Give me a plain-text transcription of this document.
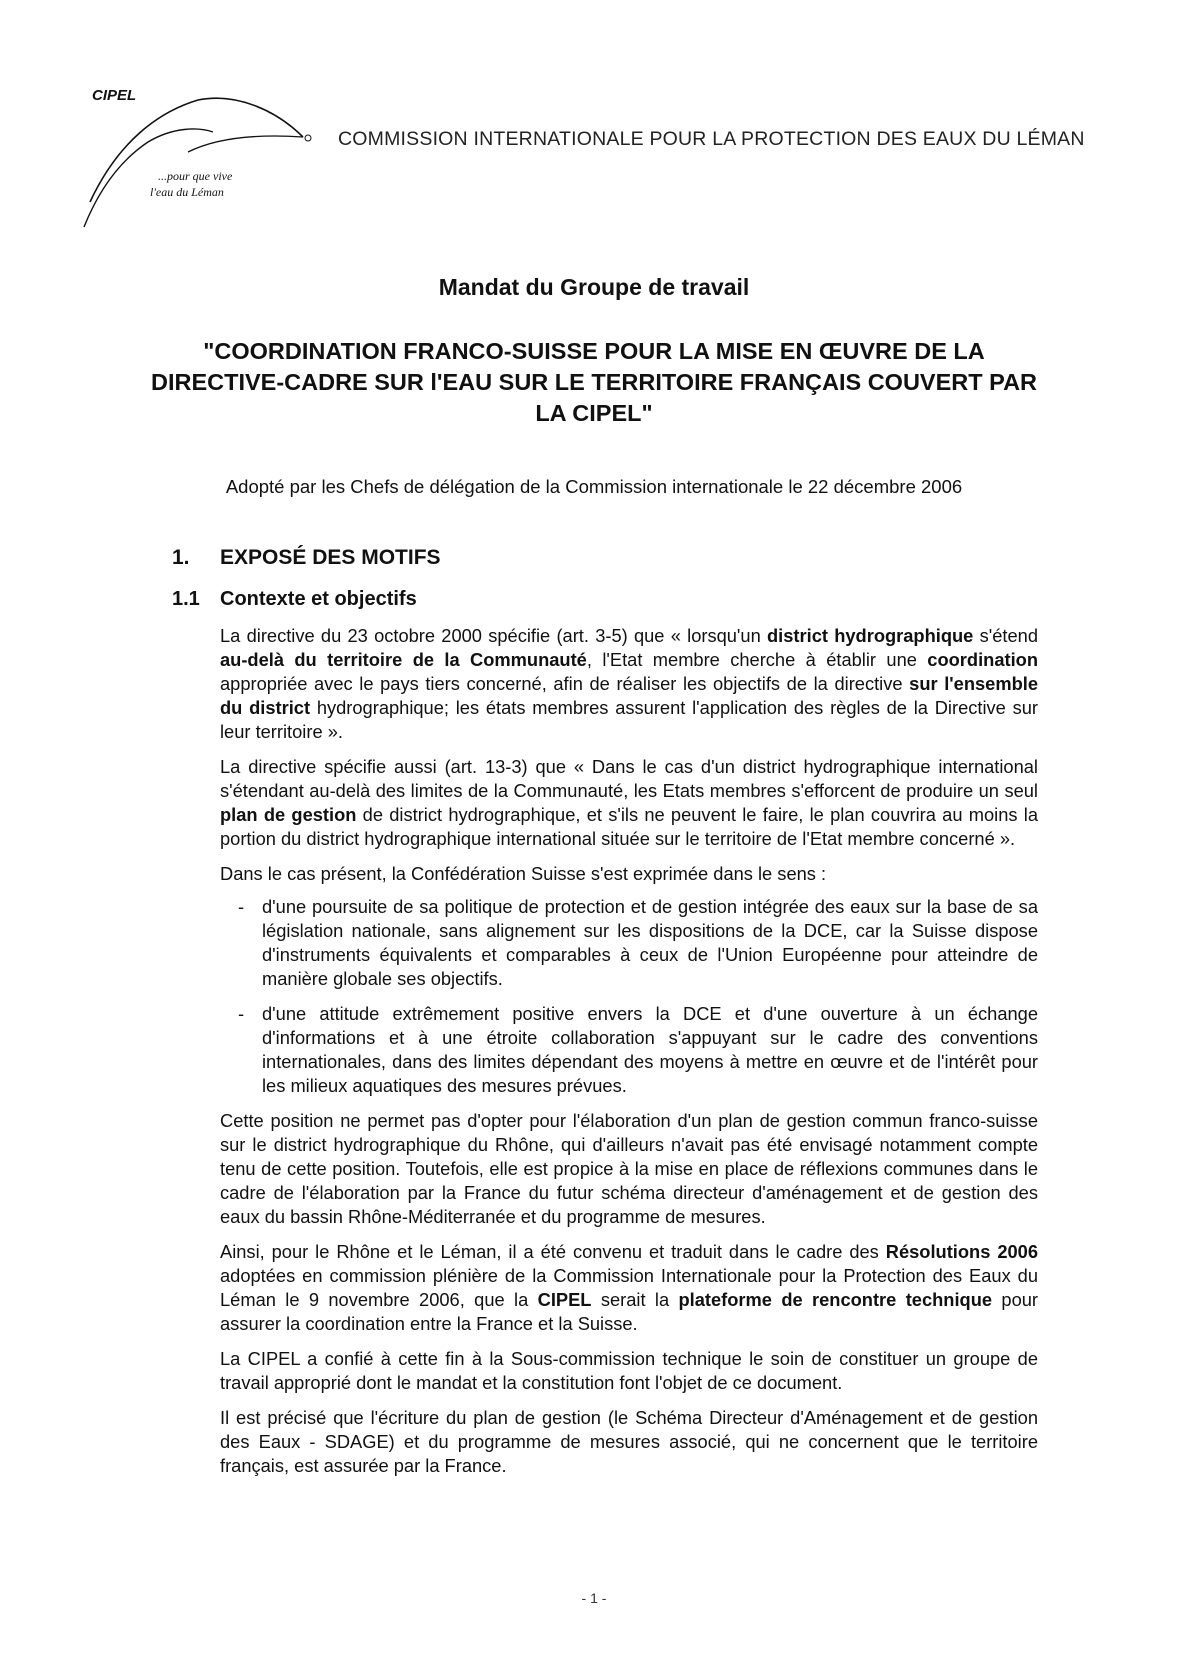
CIPEL
...pour que vive
l'eau du Léman
COMMISSION INTERNATIONALE POUR LA PROTECTION DES EAUX DU LÉMAN
Mandat du Groupe de travail
"COORDINATION FRANCO-SUISSE POUR LA MISE EN ŒUVRE DE LA DIRECTIVE-CADRE SUR l'EAU SUR LE TERRITOIRE FRANÇAIS COUVERT PAR LA CIPEL"
Adopté par les Chefs de délégation de la Commission internationale le 22 décembre 2006
1. EXPOSÉ DES MOTIFS
1.1 Contexte et objectifs

La directive du 23 octobre 2000 spécifie (art. 3-5) que « lorsqu'un district hydrographique s'étend au-delà du territoire de la Communauté, l'Etat membre cherche à établir une coordination appropriée avec le pays tiers concerné, afin de réaliser les objectifs de la directive sur l'ensemble du district hydrographique; les états membres assurent l'application des règles de la Directive sur leur territoire ».

La directive spécifie aussi (art. 13-3) que « Dans le cas d'un district hydrographique international s'étendant au-delà des limites de la Communauté, les Etats membres s'efforcent de produire un seul plan de gestion de district hydrographique, et s'ils ne peuvent le faire, le plan couvrira au moins la portion du district hydrographique international située sur le territoire de l'Etat membre concerné ».

Dans le cas présent, la Confédération Suisse s'est exprimée dans le sens :

- d'une poursuite de sa politique de protection et de gestion intégrée des eaux sur la base de sa législation nationale, sans alignement sur les dispositions de la DCE, car la Suisse dispose d'instruments équivalents et comparables à ceux de l'Union Européenne pour atteindre de manière globale ses objectifs.
- d'une attitude extrêmement positive envers la DCE et d'une ouverture à un échange d'informations et à une étroite collaboration s'appuyant sur le cadre des conventions internationales, dans des limites dépendant des moyens à mettre en œuvre et de l'intérêt pour les milieux aquatiques des mesures prévues.

Cette position ne permet pas d'opter pour l'élaboration d'un plan de gestion commun franco-suisse sur le district hydrographique du Rhône, qui d'ailleurs n'avait pas été envisagé notamment compte tenu de cette position. Toutefois, elle est propice à la mise en place de réflexions communes dans le cadre de l'élaboration par la France du futur schéma directeur d'aménagement et de gestion des eaux du bassin Rhône-Méditerranée et du programme de mesures.

Ainsi, pour le Rhône et le Léman, il a été convenu et traduit dans le cadre des Résolutions 2006 adoptées en commission plénière de la Commission Internationale pour la Protection des Eaux du Léman le 9 novembre 2006, que la CIPEL serait la plateforme de rencontre technique pour assurer la coordination entre la France et la Suisse.

La CIPEL a confié à cette fin à la Sous-commission technique le soin de constituer un groupe de travail approprié dont le mandat et la constitution font l'objet de ce document.

Il est précisé que l'écriture du plan de gestion (le Schéma Directeur d'Aménagement et de gestion des Eaux - SDAGE) et du programme de mesures associé, qui ne concernent que le territoire français, est assurée par la France.

- 1 -
